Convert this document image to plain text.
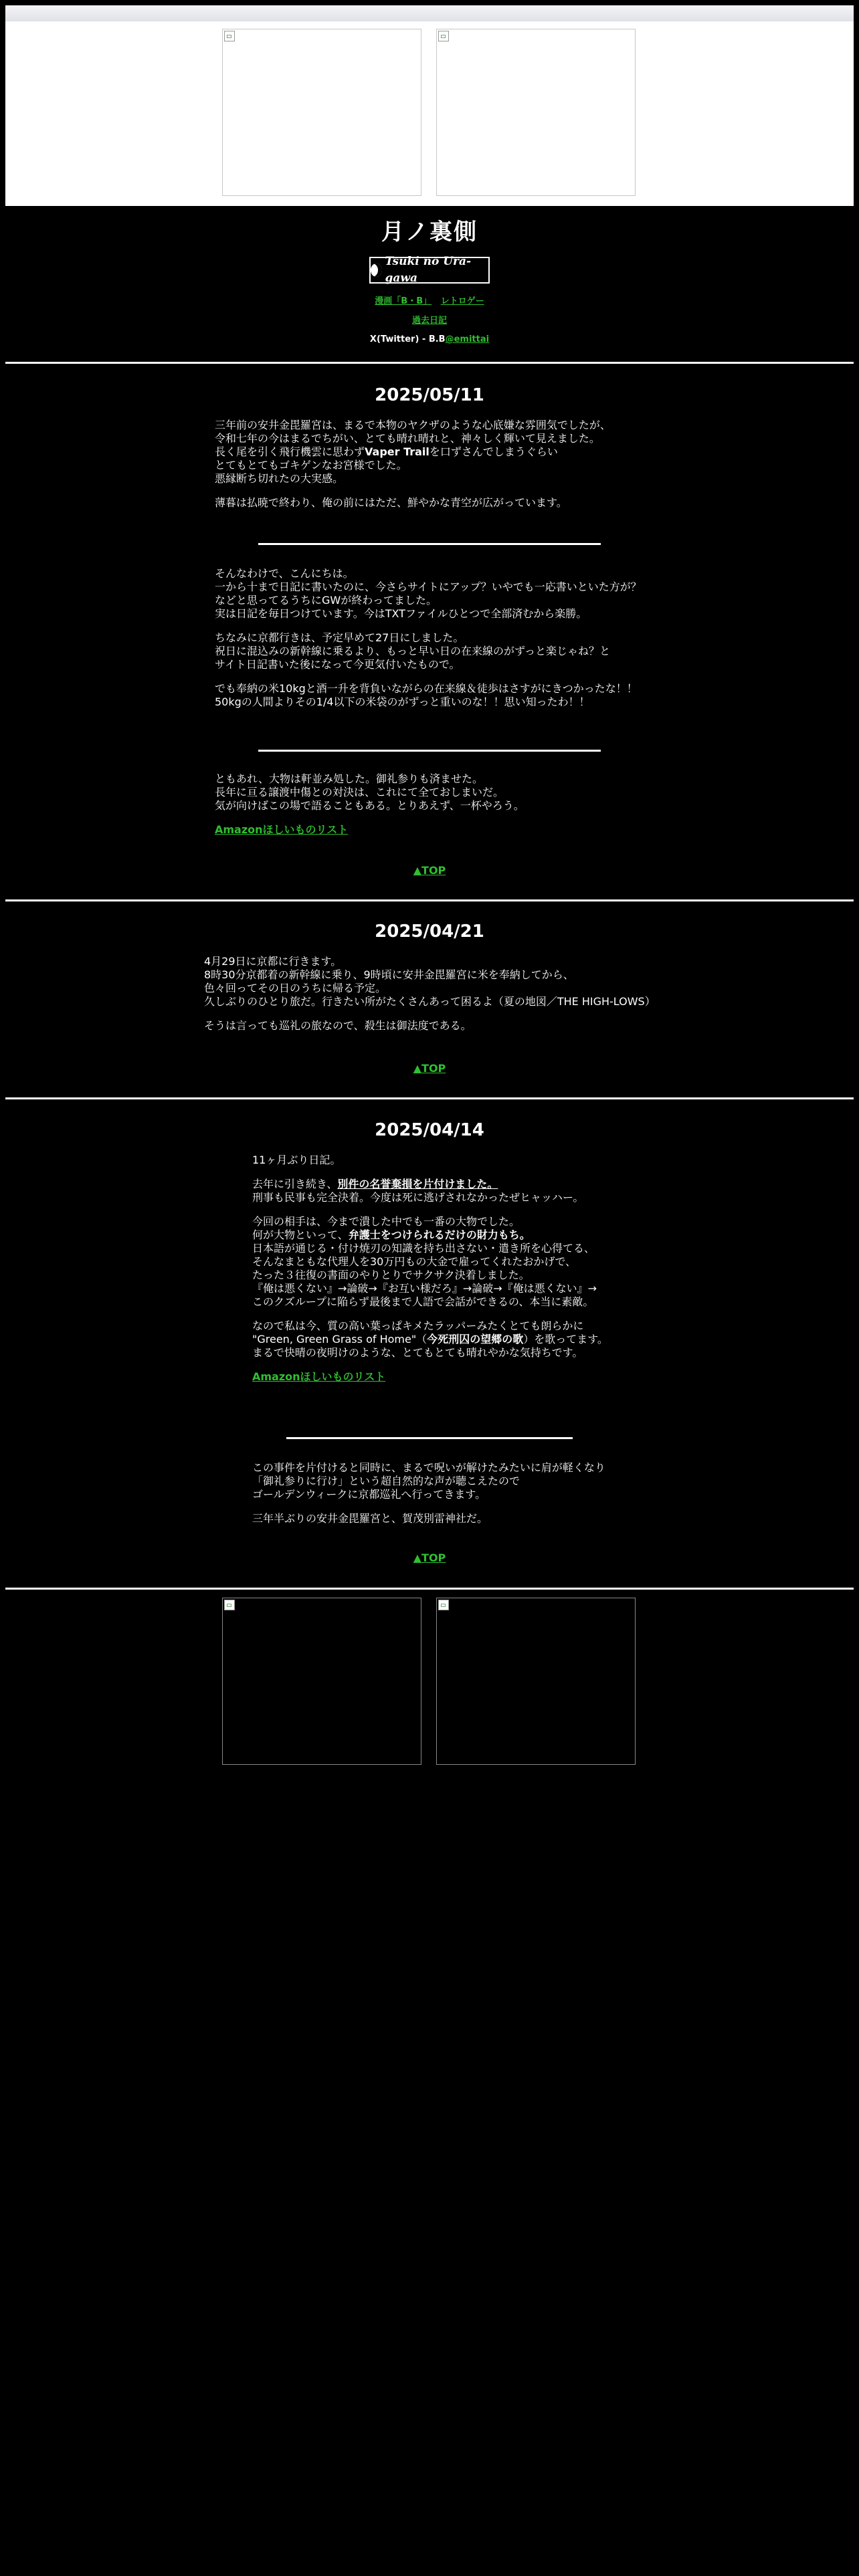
月ノ裏側
Tsuki no Ura-gawa
漫画「B・B」 レトロゲー
過去日記
X(Twitter) - B.B@emittai
2025/05/11

三年前の安井金毘羅宮は、まるで本物のヤクザのような心底嫌な雰囲気でしたが、
令和七年の今はまるでちがい、とても晴れ晴れと、神々しく輝いて見えました。
長く尾を引く飛行機雲に思わずVaper Trailを口ずさんでしまうぐらい
とてもとてもゴキゲンなお宮様でした。
悪縁断ち切れたの大実感。

薄暮は払暁で終わり、俺の前にはただ、鮮やかな青空が広がっています。

そんなわけで、こんにちは。
一から十まで日記に書いたのに、今さらサイトにアップ？いやでも一応書いといた方が？
などと思ってるうちにGWが終わってました。
実は日記を毎日つけています。今はTXTファイルひとつで全部済むから楽勝。

ちなみに京都行きは、予定早めて27日にしました。
祝日に混込みの新幹線に乗るより、もっと早い日の在来線のがずっと楽じゃね？と
サイト日記書いた後になって今更気付いたもので。

でも奉納の米10kgと酒一升を背負いながらの在来線＆徒歩はさすがにきつかったな！！
50kgの人間よりその1/4以下の米袋のがずっと重いのな！！思い知ったわ！！

ともあれ、大物は軒並み処した。御礼参りも済ませた。
長年に亘る譲渡中傷との対決は、これにて全ておしまいだ。
気が向けばこの場で語ることもある。とりあえず、一杯やろう。

Amazonほしいものリスト

▲TOP
2025/04/21

4月29日に京都に行きます。
8時30分京都着の新幹線に乗り、9時頃に安井金毘羅宮に米を奉納してから、
色々回ってその日のうちに帰る予定。
久しぶりのひとり旅だ。行きたい所がたくさんあって困るよ（夏の地図／THE HIGH-LOWS）

そうは言っても巡礼の旅なので、殺生は御法度である。

▲TOP
2025/04/14

11ヶ月ぶり日記。

去年に引き続き、別件の名誉棄損を片付けました。
刑事も民事も完全決着。今度は死に逃げされなかったぜヒャッハー。

今回の相手は、今まで潰した中でも一番の大物でした。
何が大物といって、弁護士をつけられるだけの財力もち。
日本語が通じる・付け焼刃の知識を持ち出さない・遣き所を心得てる、
そんなまともな代理人を30万円もの大金で雇ってくれたおかげで、
たった３往復の書面のやりとりでサクサク決着しました。
『俺は悪くない』→論破→『お互い様だろ』→論破→『俺は悪くない』→
このクズループに陥らず最後まで人語で会話ができるの、本当に素敵。

なので私は今、質の高い葉っぱキメたラッパーみたくとても朗らかに
"Green, Green Grass of Home"（今死刑囚の望郷の歌）を歌ってます。
まるで快晴の夜明けのような、とてもとても晴れやかな気持ちです。

Amazonほしいものリスト

この事件を片付けると同時に、まるで呪いが解けたみたいに肩が軽くなり
「御礼参りに行け」という超自然的な声が聴こえたので
ゴールデンウィークに京都巡礼へ行ってきます。

三年半ぶりの安井金毘羅宮と、賀茂別雷神社だ。

▲TOP
